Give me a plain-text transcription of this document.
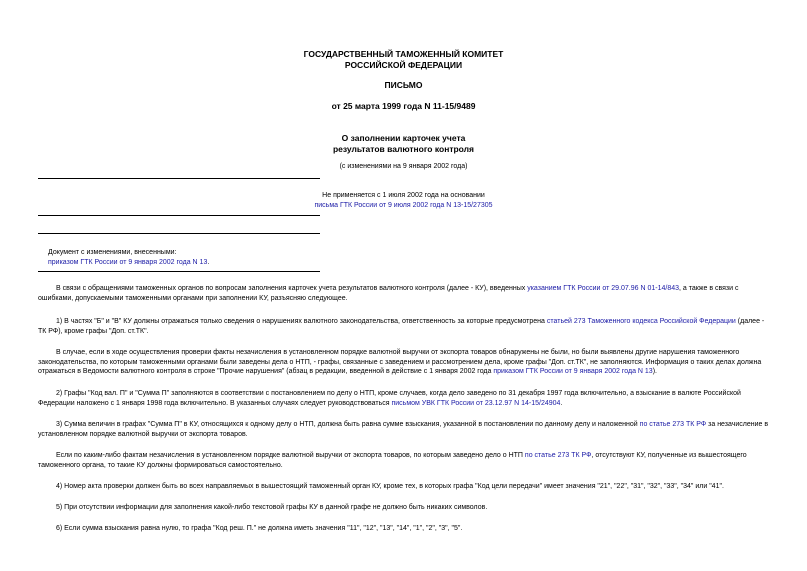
ГОСУДАРСТВЕННЫЙ ТАМОЖЕННЫЙ КОМИТЕТ
РОССИЙСКОЙ ФЕДЕРАЦИИ
ПИСЬМО
от 25 марта 1999 года N 11-15/9489
О заполнении карточек учета
результатов валютного контроля
(с изменениями на 9 января 2002 года)
Не применяется с 1 июля 2002 года на основании
письма ГТК России от 9 июля 2002 года N 13-15/27305
Документ с изменениями, внесенными:
приказом ГТК России от 9 января 2002 года N 13.
В связи с обращениями таможенных органов по вопросам заполнения карточек учета результатов валютного контроля (далее - КУ), введенных указанием ГТК России от 29.07.96 N 01-14/843, а также в связи с ошибками, допускаемыми таможенными органами при заполнении КУ, разъясняю следующее.
1) В частях "Б" и "В" КУ должны отражаться только сведения о нарушениях валютного законодательства, ответственность за которые предусмотрена статьей 273 Таможенного кодекса Российской Федерации (далее - ТК РФ), кроме графы "Доп. ст.ТК".
В случае, если в ходе осуществления проверки факты незачисления в установленном порядке валютной выручки от экспорта товаров обнаружены не были, но были выявлены другие нарушения таможенного законодательства, по которым таможенными органами были заведены дела о НТП, - графы, связанные с заведением и рассмотрением дела, кроме графы "Доп. ст.ТК", не заполняются. Информация о таких делах должна отражаться в Ведомости валютного контроля в строке "Прочие нарушения" (абзац в редакции, введенной в действие с 1 января 2002 года приказом ГТК России от 9 января 2002 года N 13).
2) Графы "Код вал. П" и "Сумма П" заполняются в соответствии с постановлением по делу о НТП, кроме случаев, когда дело заведено по 31 декабря 1997 года включительно, а взыскание в валюте Российской Федерации наложено с 1 января 1998 года включительно. В указанных случаях следует руководствоваться письмом УВК ГТК России от 23.12.97 N 14-15/24904.
3) Сумма величин в графах "Сумма П" в КУ, относящихся к одному делу о НТП, должна быть равна сумме взыскания, указанной в постановлении по данному делу и наложенной по статье 273 ТК РФ за незачисление в установленном порядке валютной выручки от экспорта товаров.
Если по каким-либо фактам незачисления в установленном порядке валютной выручки от экспорта товаров, по которым заведено дело о НТП по статье 273 ТК РФ, отсутствуют КУ, полученные из вышестоящего таможенного органа, то такие КУ должны формироваться самостоятельно.
4) Номер акта проверки должен быть во всех направляемых в вышестоящий таможенный орган КУ, кроме тех, в которых графа "Код цели передачи" имеет значения "21", "22", "31", "32", "33", "34" или "41".
5) При отсутствии информации для заполнения какой-либо текстовой графы КУ в данной графе не должно быть никаких символов.
6) Если сумма взыскания равна нулю, то графа "Код реш. П." не должна иметь значения "11", "12", "13", "14", "1", "2", "3", "5".
